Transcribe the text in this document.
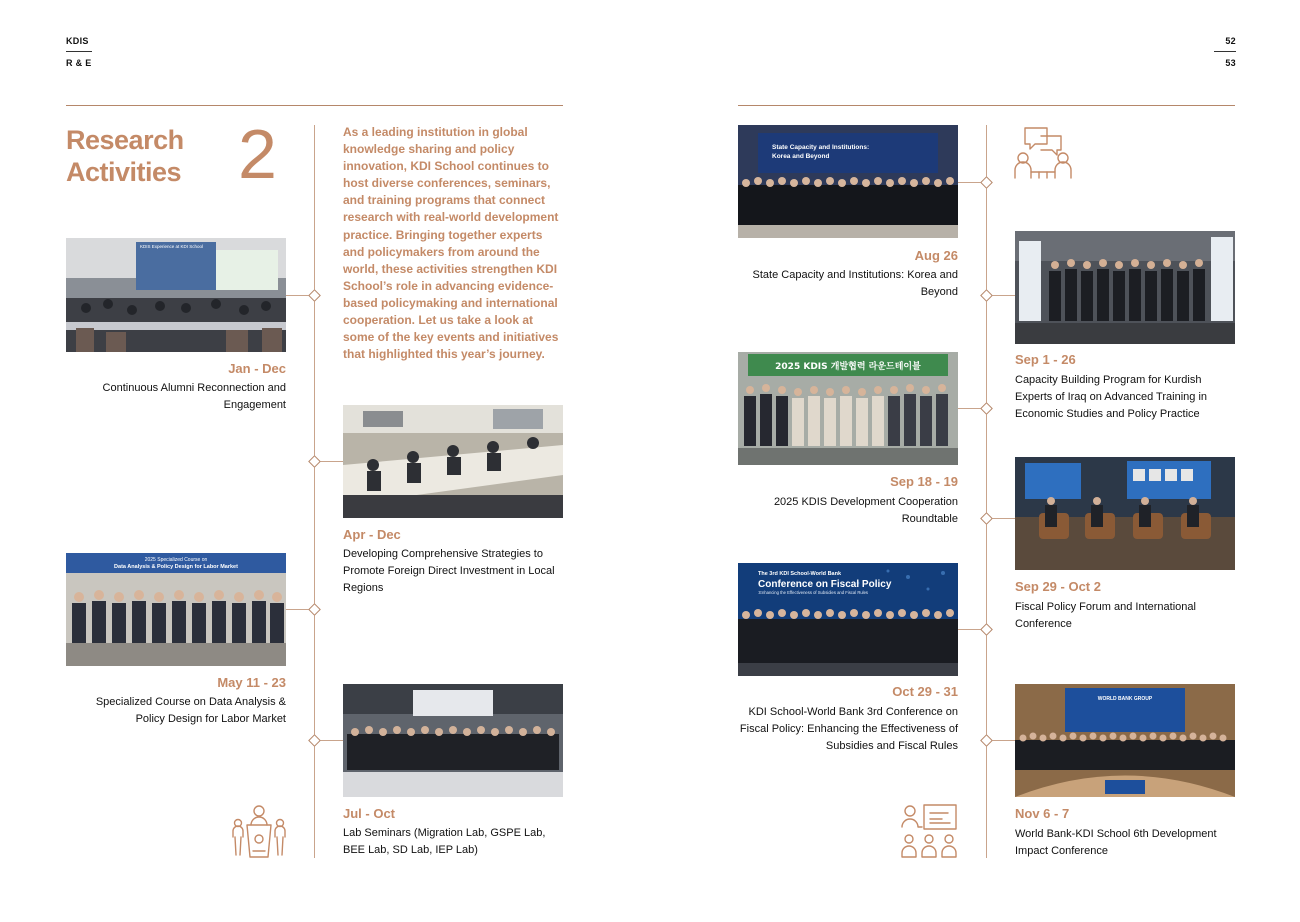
KDIS
R & E
52
53
Research
Activities 2	As a leading institution in global knowledge sharing and policy innovation, KDI School continues to host diverse conferences, seminars, and training programs that connect research with real-world development practice. Bringing together experts and policymakers from around the world, these activities strengthen KDI School’s role in advancing evidence-based policymaking and international cooperation. Let us take a look at some of the key events and initiatives that highlighted this year’s journey.
KDIS Experience at KDI School
Jan - Dec
Continuous Alumni Reconnection and Engagement
Apr - Dec
Developing Comprehensive Strategies to Promote Foreign Direct Investment in Local Regions
2025 Specialized Course on
Data Analysis & Policy Design for Labor Market
May 11 - 23
Specialized Course on Data Analysis & Policy Design for Labor Market
Jul - Oct
Lab Seminars (Migration Lab, GSPE Lab, BEE Lab, SD Lab, IEP Lab)
State Capacity and Institutions:
Korea and Beyond
Aug 26
State Capacity and Institutions: Korea and Beyond
Sep 1 - 26
Capacity Building Program for Kurdish Experts of Iraq on Advanced Training in Economic Studies and Policy Practice
2025 KDIS 개발협력 라운드테이블
Sep 18 - 19
2025 KDIS Development Cooperation Roundtable
Sep 29 - Oct 2
Fiscal Policy Forum and International Conference
The 3rd KDI School-World Bank
Conference on Fiscal Policy
:Enhancing the Effectiveness of Subsidies and Fiscal Rules
Oct 29 - 31
KDI School-World Bank 3rd Conference on Fiscal Policy: Enhancing the Effectiveness of Subsidies and Fiscal Rules
WORLD BANK GROUP
Nov 6 - 7
World Bank-KDI School 6th Development Impact Conference
